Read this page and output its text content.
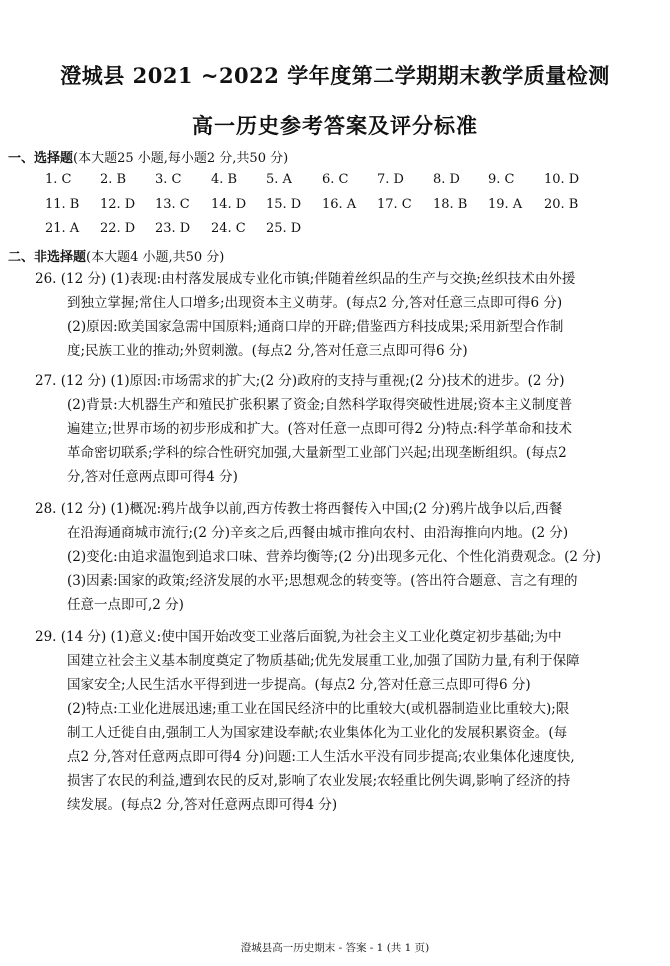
澄城县 2021 ~2022 学年度第二学期期末教学质量检测
高一历史参考答案及评分标准
一、选择题(本大题25 小题,每小题2 分,共50 分)
1. C 2. B 3. C 4. B 5. A 6. C 7. D 8. D 9. C 10. D
11. B 12. D 13. C 14. D 15. D 16. A 17. C 18. B 19. A 20. B
21. A 22. D 23. D 24. C 25. D
二、非选择题(本大题4 小题,共50 分)
26. (12 分) (1)表现:由村落发展成专业化市镇;伴随着丝织品的生产与交换;丝织技术由外援
到独立掌握;常住人口增多;出现资本主义萌芽。(每点2 分,答对任意三点即可得6 分)
(2)原因:欧美国家急需中国原料;通商口岸的开辟;借鉴西方科技成果;采用新型合作制
度;民族工业的推动;外贸刺激。(每点2 分,答对任意三点即可得6 分)
27. (12 分) (1)原因:市场需求的扩大;(2 分)政府的支持与重视;(2 分)技术的进步。(2 分)
(2)背景:大机器生产和殖民扩张积累了资金;自然科学取得突破性进展;资本主义制度普
遍建立;世界市场的初步形成和扩大。(答对任意一点即可得2 分)特点:科学革命和技术
革命密切联系;学科的综合性研究加强,大量新型工业部门兴起;出现垄断组织。(每点2
分,答对任意两点即可得4 分)
28. (12 分) (1)概况:鸦片战争以前,西方传教士将西餐传入中国;(2 分)鸦片战争以后,西餐
在沿海通商城市流行;(2 分)辛亥之后,西餐由城市推向农村、由沿海推向内地。(2 分)
(2)变化:由追求温饱到追求口味、营养均衡等;(2 分)出现多元化、个性化消费观念。(2 分)
(3)因素:国家的政策;经济发展的水平;思想观念的转变等。(答出符合题意、言之有理的
任意一点即可,2 分)
29. (14 分) (1)意义:使中国开始改变工业落后面貌,为社会主义工业化奠定初步基础;为中
国建立社会主义基本制度奠定了物质基础;优先发展重工业,加强了国防力量,有利于保障
国家安全;人民生活水平得到进一步提高。(每点2 分,答对任意三点即可得6 分)
(2)特点:工业化进展迅速;重工业在国民经济中的比重较大(或机器制造业比重较大);限
制工人迁徙自由,强制工人为国家建设奉献;农业集体化为工业化的发展积累资金。(每
点2 分,答对任意两点即可得4 分)问题:工人生活水平没有同步提高;农业集体化速度快,
损害了农民的利益,遭到农民的反对,影响了农业发展;农轻重比例失调,影响了经济的持
续发展。(每点2 分,答对任意两点即可得4 分)
澄城县高一历史期末 - 答案 - 1 (共 1 页)
